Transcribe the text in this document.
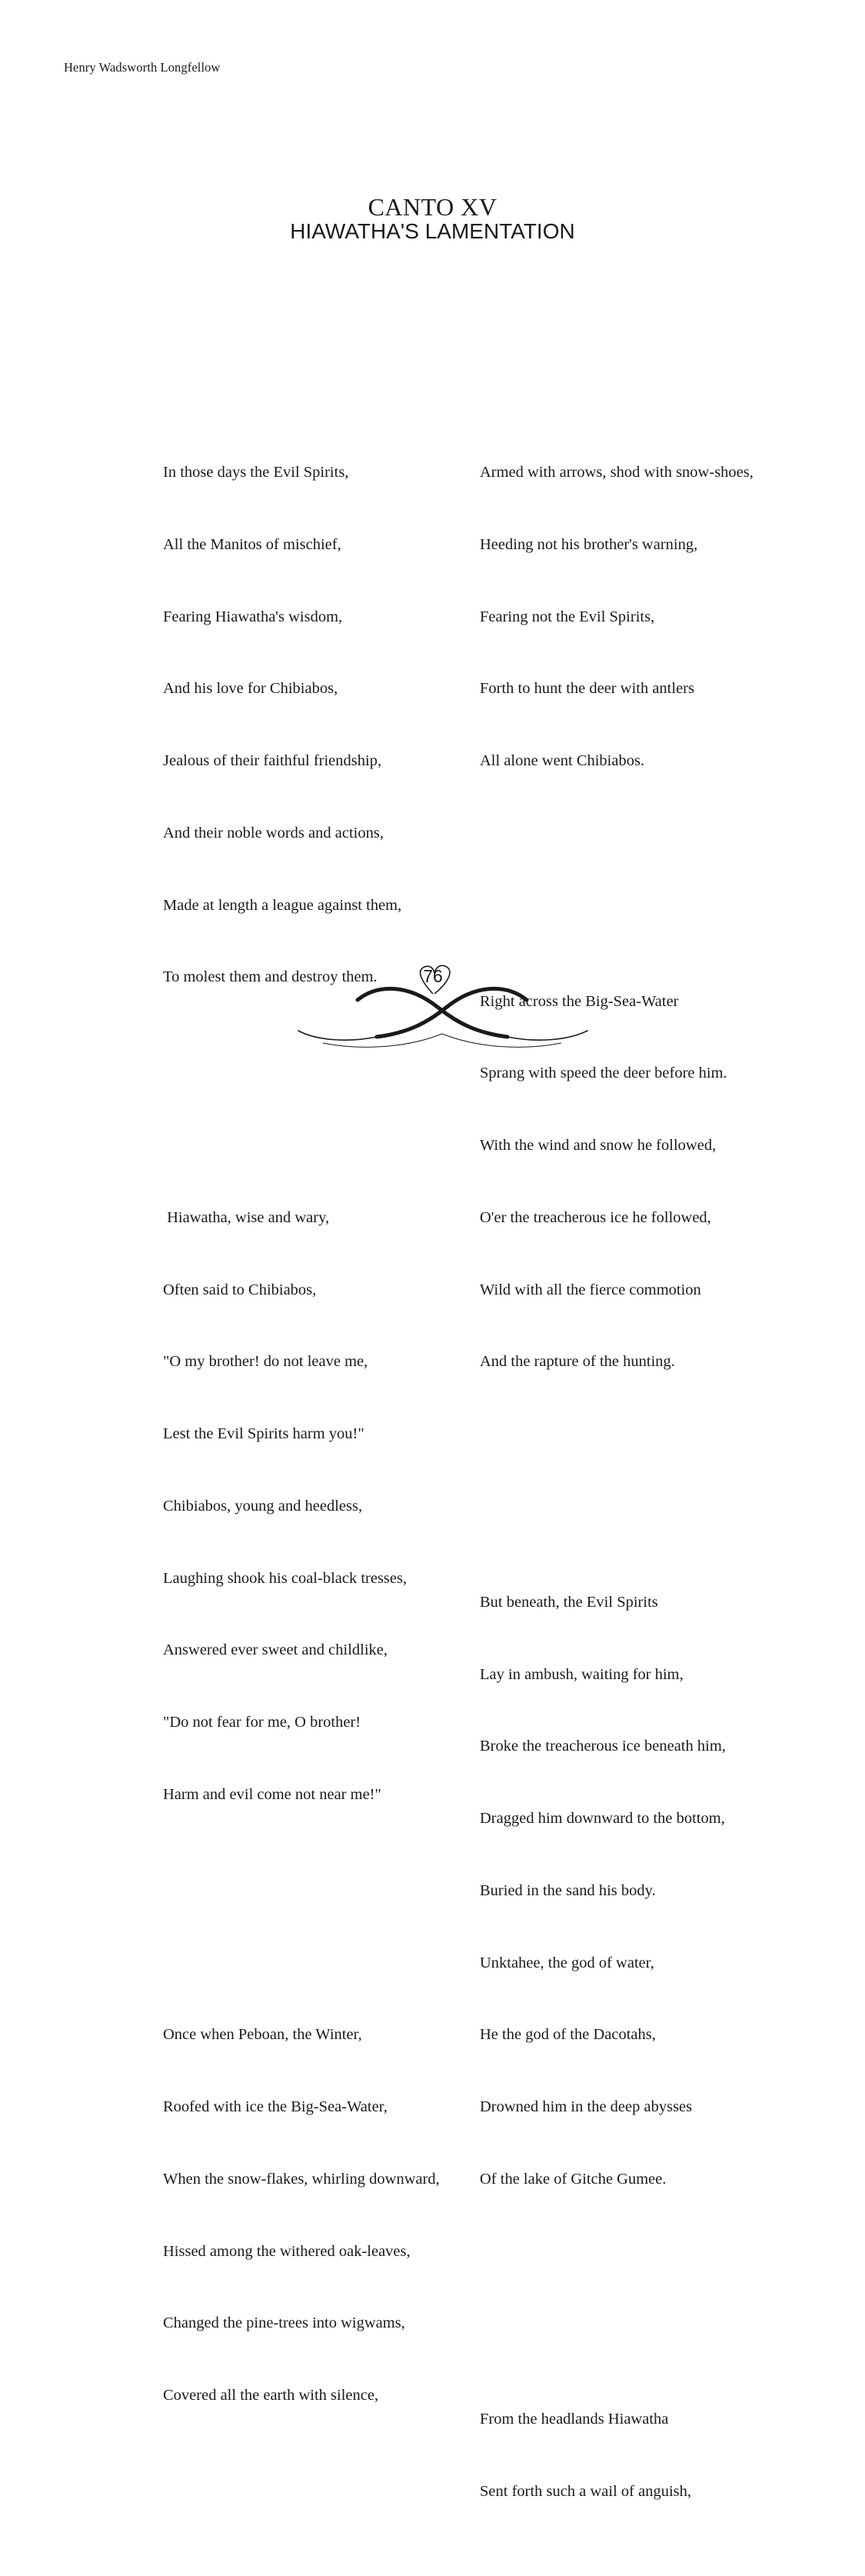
Henry Wadsworth Longfellow
CANTO XV
HIAWATHA'S LAMENTATION

In those days the Evil Spirits,

All the Manitos of mischief,

Fearing Hiawatha's wisdom,

And his love for Chibiabos,

Jealous of their faithful friendship,

And their noble words and actions,

Made at length a league against them,

To molest them and destroy them.

Hiawatha, wise and wary,

Often said to Chibiabos,

"O my brother! do not leave me,

Lest the Evil Spirits harm you!"

Chibiabos, young and heedless,

Laughing shook his coal-black tresses,

Answered ever sweet and childlike,

"Do not fear for me, O brother!

Harm and evil come not near me!"

Once when Peboan, the Winter,

Roofed with ice the Big-Sea-Water,

When the snow-flakes, whirling downward,

Hissed among the withered oak-leaves,

Changed the pine-trees into wigwams,

Covered all the earth with silence,

Armed with arrows, shod with snow-shoes,

Heeding not his brother's warning,

Fearing not the Evil Spirits,

Forth to hunt the deer with antlers

All alone went Chibiabos.

Right across the Big-Sea-Water

Sprang with speed the deer before him.

With the wind and snow he followed,

O'er the treacherous ice he followed,

Wild with all the fierce commotion

And the rapture of the hunting.

But beneath, the Evil Spirits

Lay in ambush, waiting for him,

Broke the treacherous ice beneath him,

Dragged him downward to the bottom,

Buried in the sand his body.

Unktahee, the god of water,

He the god of the Dacotahs,

Drowned him in the deep abysses

Of the lake of Gitche Gumee.

From the headlands Hiawatha

Sent forth such a wail of anguish,

76
